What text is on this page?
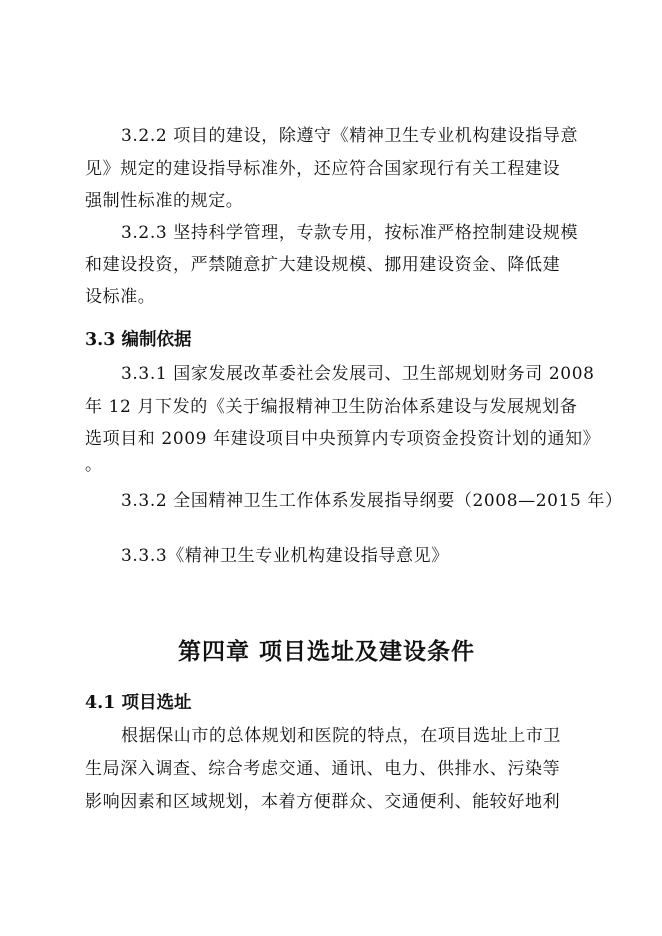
3.2.2 项目的建设，除遵守《精神卫生专业机构建设指导意
见》规定的建设指导标准外，还应符合国家现行有关工程建设
强制性标准的规定。
3.2.3 坚持科学管理，专款专用，按标准严格控制建设规模
和建设投资，严禁随意扩大建设规模、挪用建设资金、降低建
设标准。
3.3 编制依据
3.3.1 国家发展改革委社会发展司、卫生部规划财务司 2008
年 12 月下发的《关于编报精神卫生防治体系建设与发展规划备
选项目和 2009 年建设项目中央预算内专项资金投资计划的通知》
。
3.3.2 全国精神卫生工作体系发展指导纲要（2008—2015 年）
3.3.3《精神卫生专业机构建设指导意见》
第四章 项目选址及建设条件
4.1 项目选址
根据保山市的总体规划和医院的特点，在项目选址上市卫
生局深入调查、综合考虑交通、通讯、电力、供排水、污染等
影响因素和区域规划，本着方便群众、交通便利、能较好地利
